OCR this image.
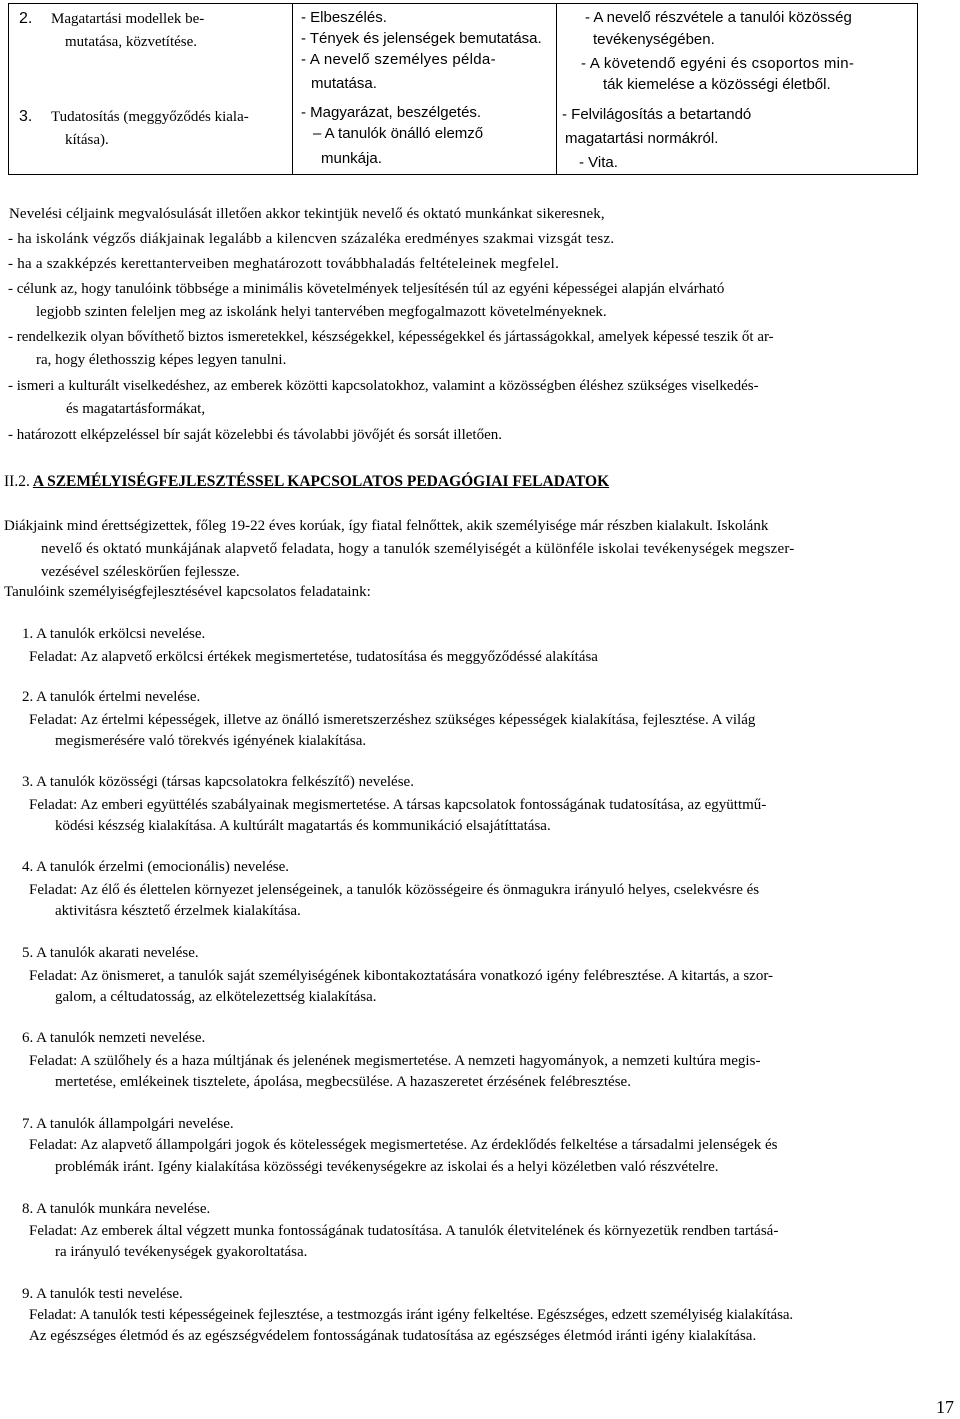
2. Magatartási modellek be-
mutatása, közvetítése.
3. Tudatosítás (meggyőződés kiala-
kítása).
- Elbeszélés.
- Tények és jelenségek bemutatása.
- A nevelő személyes példa-
mutatása.
- Magyarázat, beszélgetés.
– A tanulók önálló elemző
munkája.
- A nevelő részvétele a tanulói közösség
tevékenységében.
- A követendő egyéni és csoportos min-
ták kiemelése a közösségi életből.
- Felvilágosítás a betartandó
magatartási normákról.
- Vita.
Nevelési céljaink megvalósulását illetően akkor tekintjük nevelő és oktató munkánkat sikeresnek,
- ha iskolánk végzős diákjainak legalább a kilencven százaléka eredményes szakmai vizsgát tesz.
- ha a szakképzés kerettanterveiben meghatározott továbbhaladás feltételeinek megfelel.
- célunk az, hogy tanulóink többsége a minimális követelmények teljesítésén túl az egyéni képességei alapján elvárható
legjobb szinten feleljen meg az iskolánk helyi tantervében megfogalmazott követelményeknek.
- rendelkezik olyan bővíthető biztos ismeretekkel, készségekkel, képességekkel és jártasságokkal, amelyek képessé teszik őt ar-
ra, hogy élethosszig képes legyen tanulni.
- ismeri a kulturált viselkedéshez, az emberek közötti kapcsolatokhoz, valamint a közösségben éléshez szükséges viselkedés-
és magatartásformákat,
- határozott elképzeléssel bír saját közelebbi és távolabbi jövőjét és sorsát illetően.
II.2. A SZEMÉLYISÉGFEJLESZTÉSSEL KAPCSOLATOS PEDAGÓGIAI FELADATOK
Diákjaink mind érettségizettek, főleg 19-22 éves korúak, így fiatal felnőttek, akik személyisége már részben kialakult. Iskolánk
nevelő és oktató munkájának alapvető feladata, hogy a tanulók személyiségét a különféle iskolai tevékenységek megszer-
vezésével széleskörűen fejlessze.
Tanulóink személyiségfejlesztésével kapcsolatos feladataink:
1. A tanulók erkölcsi nevelése.
Feladat: Az alapvető erkölcsi értékek megismertetése, tudatosítása és meggyőződéssé alakítása
2. A tanulók értelmi nevelése.
Feladat: Az értelmi képességek, illetve az önálló ismeretszerzéshez szükséges képességek kialakítása, fejlesztése. A világ
megismerésére való törekvés igényének kialakítása.
3. A tanulók közösségi (társas kapcsolatokra felkészítő) nevelése.
Feladat: Az emberi együttélés szabályainak megismertetése. A társas kapcsolatok fontosságának tudatosítása, az együttmű-
ködési készség kialakítása. A kultúrált magatartás és kommunikáció elsajátíttatása.
4. A tanulók érzelmi (emocionális) nevelése.
Feladat: Az élő és élettelen környezet jelenségeinek, a tanulók közösségeire és önmagukra irányuló helyes, cselekvésre és
aktivitásra késztető érzelmek kialakítása.
5. A tanulók akarati nevelése.
Feladat: Az önismeret, a tanulók saját személyiségének kibontakoztatására vonatkozó igény felébresztése. A kitartás, a szor-
galom, a céltudatosság, az elkötelezettség kialakítása.
6. A tanulók nemzeti nevelése.
Feladat: A szülőhely és a haza múltjának és jelenének megismertetése. A nemzeti hagyományok, a nemzeti kultúra megis-
mertetése, emlékeinek tisztelete, ápolása, megbecsülése. A hazaszeretet érzésének felébresztése.
7. A tanulók állampolgári nevelése.
Feladat: Az alapvető állampolgári jogok és kötelességek megismertetése. Az érdeklődés felkeltése a társadalmi jelenségek és
problémák iránt. Igény kialakítása közösségi tevékenységekre az iskolai és a helyi közéletben való részvételre.
8. A tanulók munkára nevelése.
Feladat: Az emberek által végzett munka fontosságának tudatosítása. A tanulók életvitelének és környezetük rendben tartásá-
ra irányuló tevékenységek gyakoroltatása.
9. A tanulók testi nevelése.
Feladat: A tanulók testi képességeinek fejlesztése, a testmozgás iránt igény felkeltése. Egészséges, edzett személyiség kialakítása.
Az egészséges életmód és az egészségvédelem fontosságának tudatosítása az egészséges életmód iránti igény kialakítása.
17
